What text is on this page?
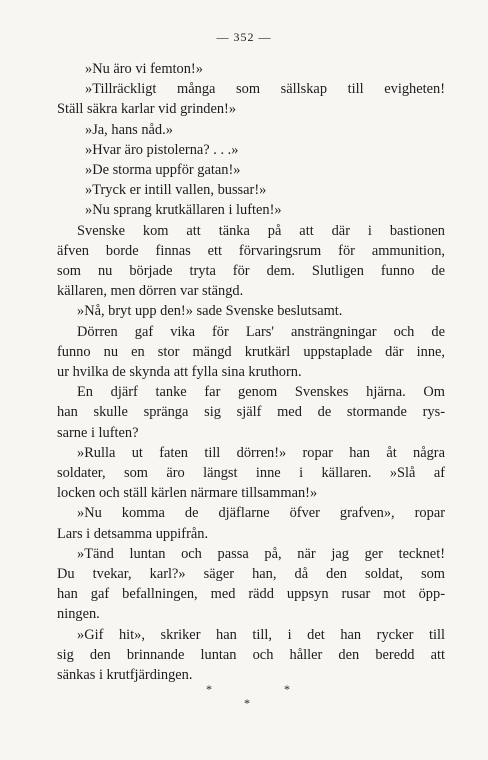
— 352 —
»Nu äro vi femton!»
»Tillräckligt många som sällskap till evigheten!
Ställ säkra karlar vid grinden!»
»Ja, hans nåd.»
»Hvar äro pistolerna? . . .»
»De storma uppför gatan!»
»Tryck er intill vallen, bussar!»
»Nu sprang krutkällaren i luften!»
Svenske kom att tänka på att där i bastionen
äfven borde finnas ett förvaringsrum för ammunition,
som nu började tryta för dem. Slutligen funno de
källaren, men dörren var stängd.
»Nå, bryt upp den!» sade Svenske beslutsamt.
Dörren gaf vika för Lars' ansträngningar och de
funno nu en stor mängd krutkärl uppstaplade där inne,
ur hvilka de skynda att fylla sina kruthorn.
En djärf tanke far genom Svenskes hjärna. Om
han skulle spränga sig själf med de stormande rys-
sarne i luften?
»Rulla ut faten till dörren!» ropar han åt några
soldater, som äro längst inne i källaren. »Slå af
locken och ställ kärlen närmare tillsamman!»
»Nu komma de djäflarne öfver grafven», ropar
Lars i detsamma uppifrån.
»Tänd luntan och passa på, när jag ger tecknet!
Du tvekar, karl?» säger han, då den soldat, som
han gaf befallningen, med rädd uppsyn rusar mot öpp-
ningen.
»Gif hit», skriker han till, i det han rycker till
sig den brinnande luntan och håller den beredd att
sänkas i krutfjärdingen.
*
*
*
